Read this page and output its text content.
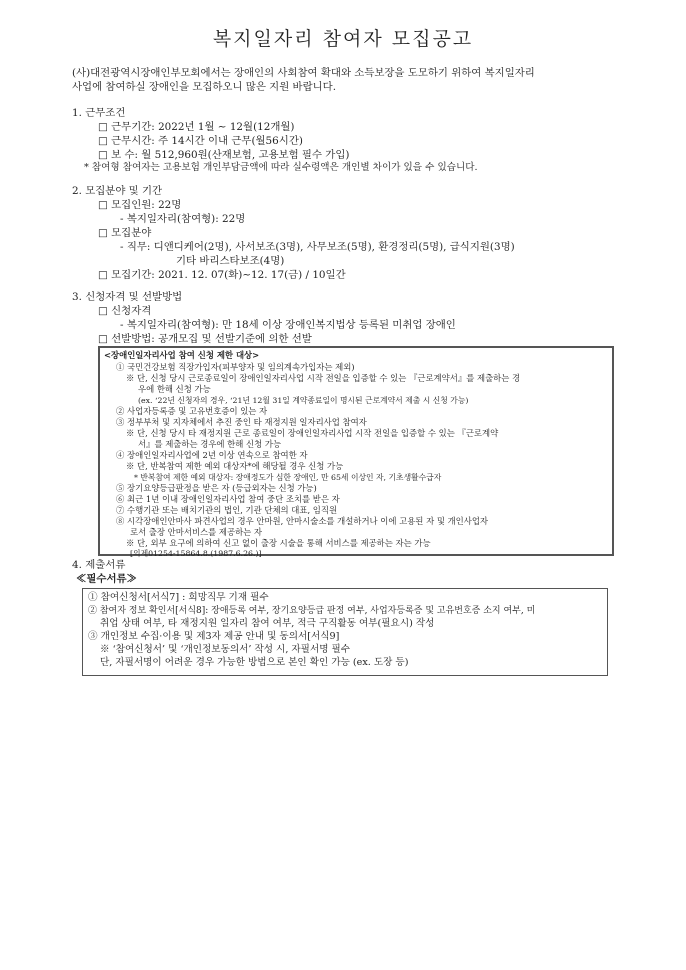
복지일자리 참여자 모집공고
(사)대전광역시장애인부모회에서는 장애인의 사회참여 확대와 소득보장을 도모하기 위하여 복지일자리
사업에 참여하실 장애인을 모집하오니 많은 지원 바랍니다.
1. 근무조건
□ 근무기간: 2022년 1월 ∼ 12월(12개월)
□ 근무시간: 주 14시간 이내 근무(월56시간)
□ 보 수: 월 512,960원(산재보험, 고용보험 필수 가입)
* 참여형 참여자는 고용보험 개인부담금액에 따라 실수령액은 개인별 차이가 있을 수 있습니다.
2. 모집분야 및 기간
□ 모집인원: 22명
- 복지일자리(참여형): 22명
□ 모집분야
- 직무: 디앤디케어(2명), 사서보조(3명), 사무보조(5명), 환경정리(5명), 급식지원(3명)
기타 바리스타보조(4명)
□ 모집기간: 2021. 12. 07(화)∼12. 17(금) / 10일간
3. 신청자격 및 선발방법
□ 신청자격
- 복지일자리(참여형): 만 18세 이상 장애인복지법상 등록된 미취업 장애인
□ 선발방법: 공개모집 및 선발기준에 의한 선발
<장애인일자리사업 참여 신청 제한 대상>
① 국민건강보험 직장가입자(피부양자 및 임의계속가입자는 제외)
※ 단, 신청 당시 근로종료일이 장애인일자리사업 시작 전일을 입증할 수 있는 『근로계약서』를 제출하는 경
우에 한해 신청 가능
(ex. ‘22년 신청자의 경우, ‘21년 12월 31일 계약종료일이 명시된 근로계약서 제출 시 신청 가능)
② 사업자등록증 및 고유번호증이 있는 자
③ 정부부처 및 지자체에서 추진 중인 타 재정지원 일자리사업 참여자
※ 단, 신청 당시 타 재정지원 근로 종료일이 장애인일자리사업 시작 전일을 입증할 수 있는 『근로계약
서』를 제출하는 경우에 한해 신청 가능
④ 장애인일자리사업에 2년 이상 연속으로 참여한 자
※ 단, 반복참여 제한 예외 대상자*에 해당될 경우 신청 가능
* 반복참여 제한 예외 대상자: 장애정도가 심한 장애인, 만 65세 이상인 자, 기초생활수급자
⑤ 장기요양등급판정을 받은 자 (등급외자는 신청 가능)
⑥ 최근 1년 이내 장애인일자리사업 참여 중단 조치를 받은 자
⑦ 수행기관 또는 배치기관의 법인, 기관 단체의 대표, 임직원
⑧ 시각장애인안마사 파견사업의 경우 안마원, 안마시술소를 개설하거나 이에 고용된 자 및 개인사업자
로서 출장 안마서비스를 제공하는 자
※ 단, 외부 요구에 의하여 신고 없이 출장 시술을 통해 서비스를 제공하는 자는 가능
[의제01254-15864.8.(1987.6.26.)]
4. 제출서류
≪필수서류≫
① 참여신청서[서식7] : 희망직무 기재 필수
② 참여자 정보 확인서[서식8]: 장애등록 여부, 장기요양등급 판정 여부, 사업자등록증 및 고유번호증 소지 여부, 미
취업 상태 여부, 타 재정지원 일자리 참여 여부, 적극 구직활동 여부(필요시) 작성
③ 개인정보 수집·이용 및 제3자 제공 안내 및 동의서[서식9]
※ ‘참여신청서’ 및 ‘개인정보동의서’ 작성 시, 자필서명 필수
단, 자필서명이 어려운 경우 가능한 방법으로 본인 확인 가능 (ex. 도장 등)
